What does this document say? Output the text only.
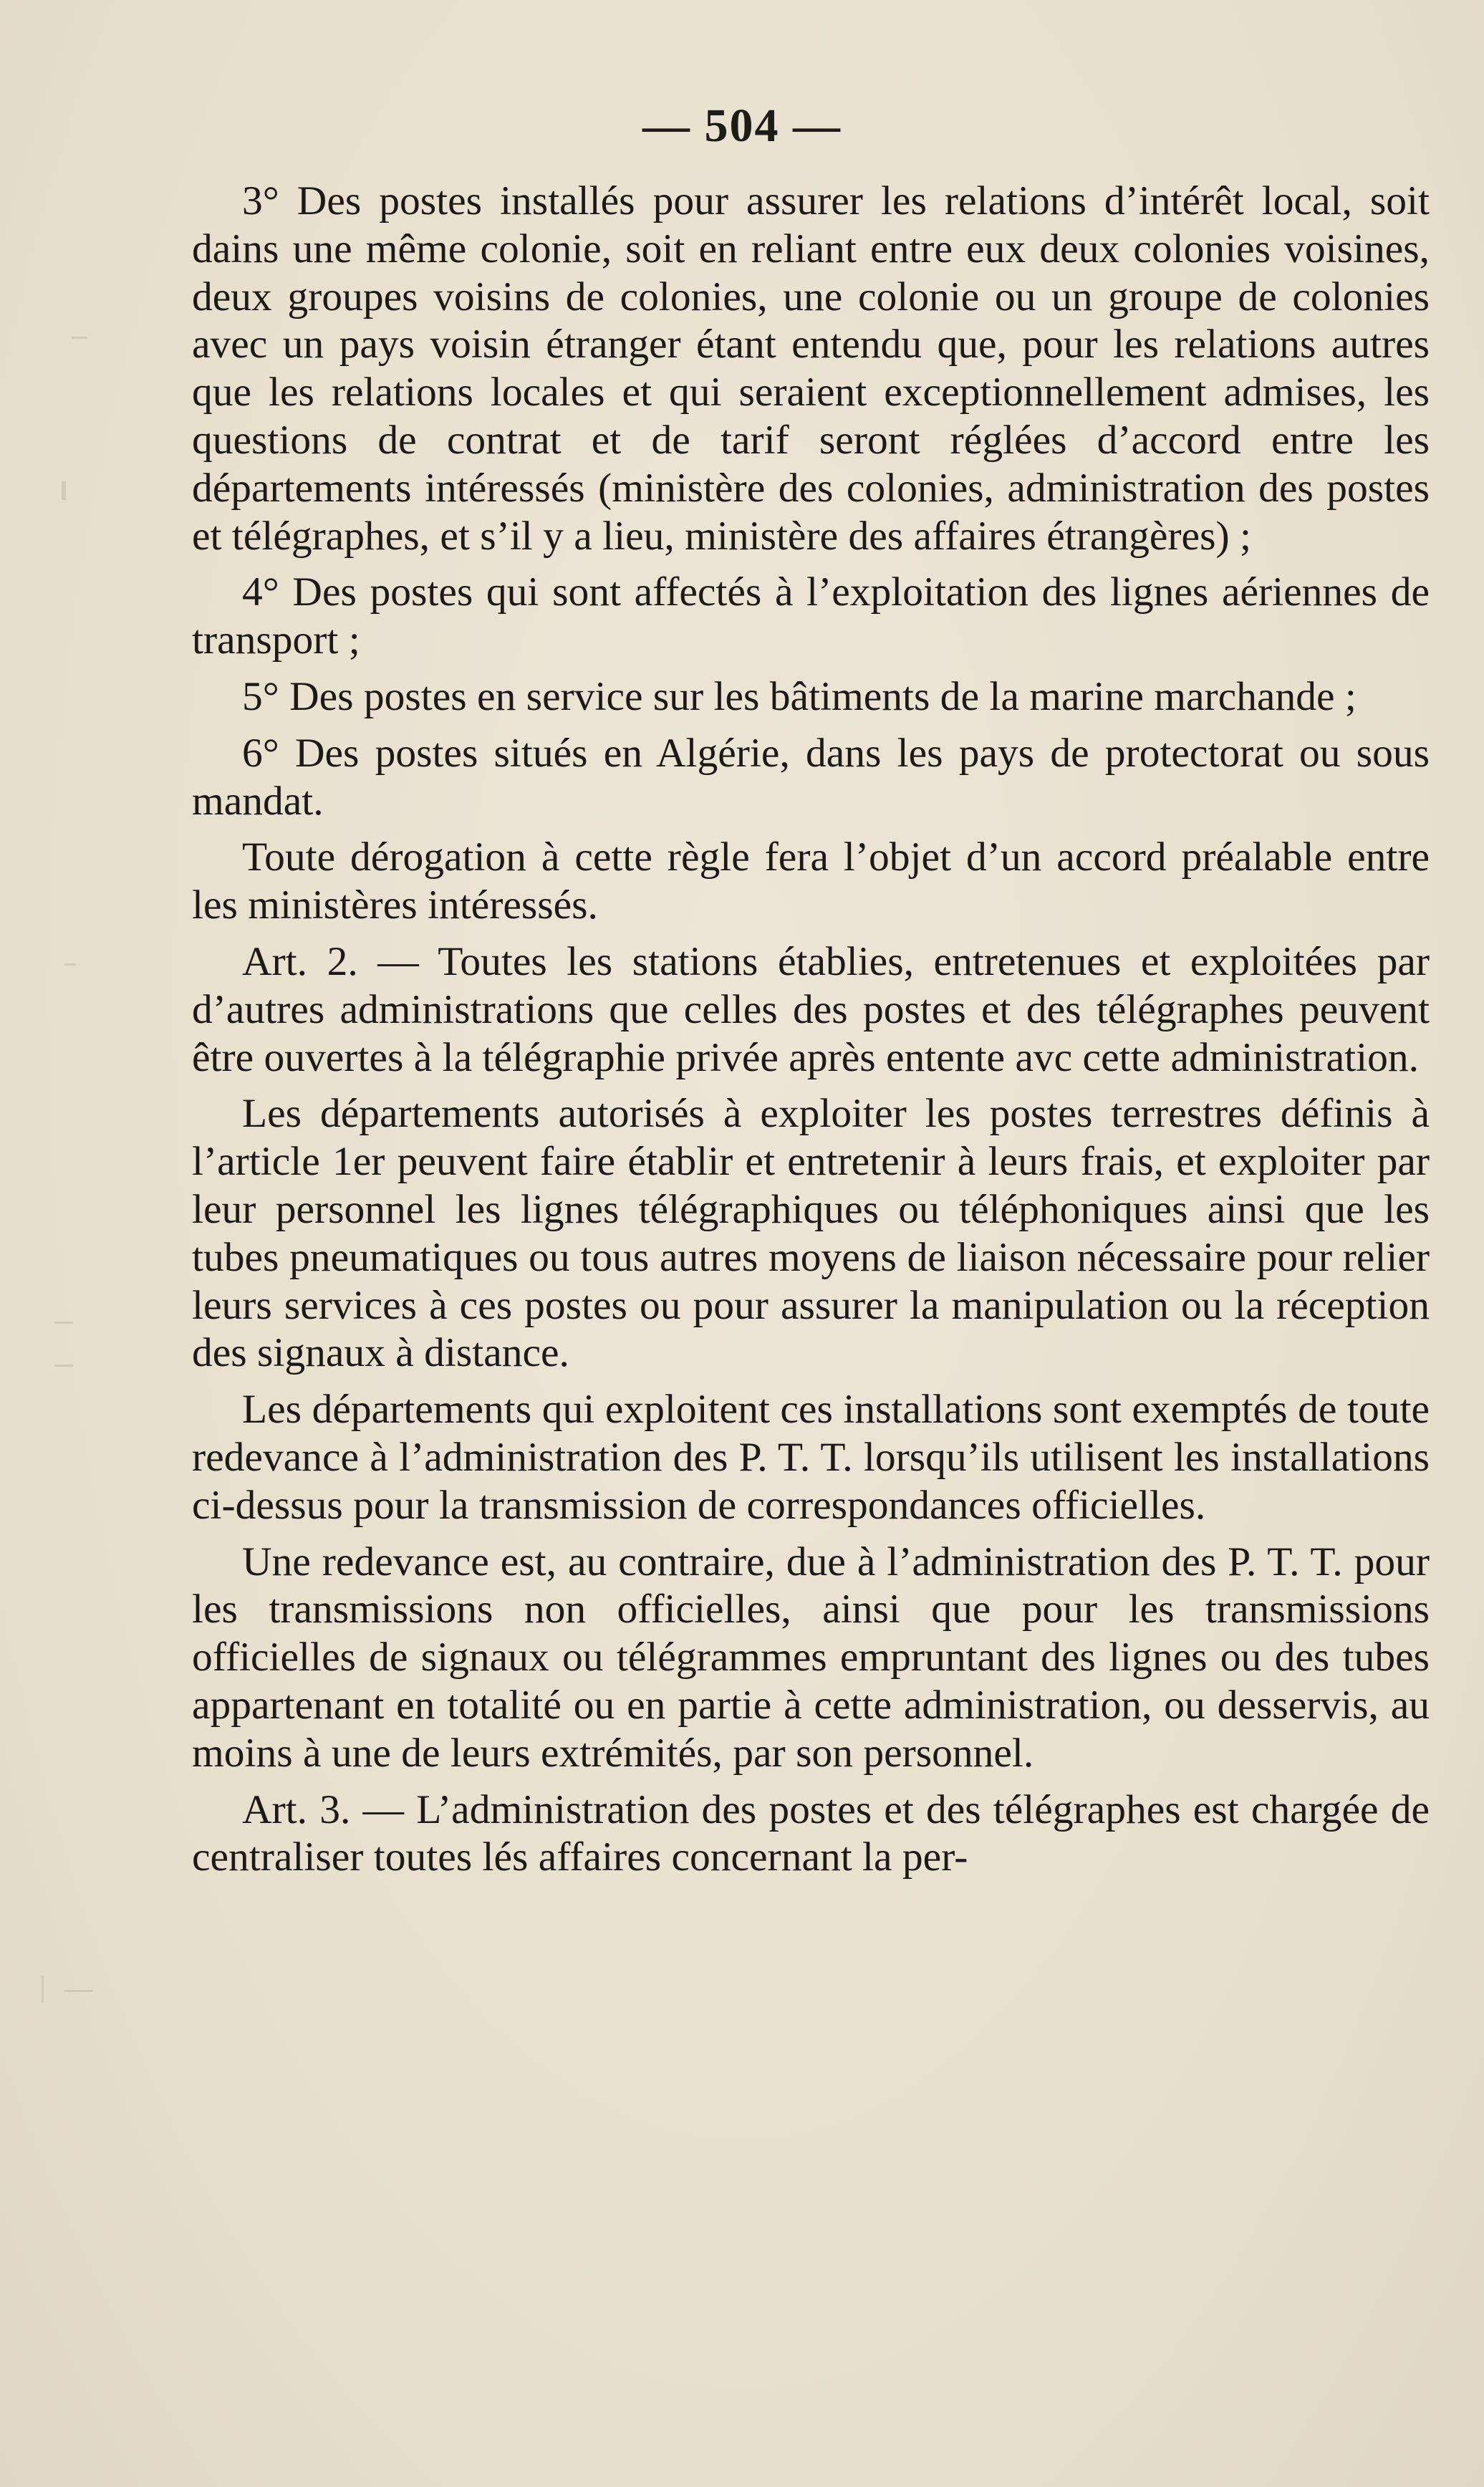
— 504 —

3° Des postes installés pour assurer les relations d’intérêt local, soit dains une même colonie, soit en reliant entre eux deux colonies voisines, deux groupes voisins de colonies, une colonie ou un groupe de colonies avec un pays voisin étranger étant entendu que, pour les relations autres que les relations locales et qui seraient exceptionnellement admises, les questions de contrat et de tarif seront réglées d’accord entre les départements intéressés (ministère des colonies, administration des postes et télégraphes, et s’il y a lieu, ministère des affaires étrangères) ;

4° Des postes qui sont affectés à l’exploitation des lignes aériennes de transport ;

5° Des postes en service sur les bâtiments de la marine marchande ;

6° Des postes situés en Algérie, dans les pays de protectorat ou sous mandat.

Toute dérogation à cette règle fera l’objet d’un accord préalable entre les ministères intéressés.

Art. 2. — Toutes les stations établies, entretenues et exploitées par d’autres administrations que celles des postes et des télégraphes peuvent être ouvertes à la télégraphie privée après entente avc cette administration.

Les départements autorisés à exploiter les postes terrestres définis à l’article 1er peuvent faire établir et entretenir à leurs frais, et exploiter par leur personnel les lignes télégraphiques ou téléphoniques ainsi que les tubes pneumatiques ou tous autres moyens de liaison nécessaire pour relier leurs services à ces postes ou pour assurer la manipulation ou la réception des signaux à distance.

Les départements qui exploitent ces installations sont exemptés de toute redevance à l’administration des P. T. T. lorsqu’ils utilisent les installations ci-dessus pour la transmission de correspondances officielles.

Une redevance est, au contraire, due à l’administration des P. T. T. pour les transmissions non officielles, ainsi que pour les transmissions officielles de signaux ou télégrammes empruntant des lignes ou des tubes appartenant en totalité ou en partie à cette administration, ou desservis, au moins à une de leurs extrémités, par son personnel.

Art. 3. — L’administration des postes et des télégraphes est chargée de centraliser toutes lés affaires concernant la per-
